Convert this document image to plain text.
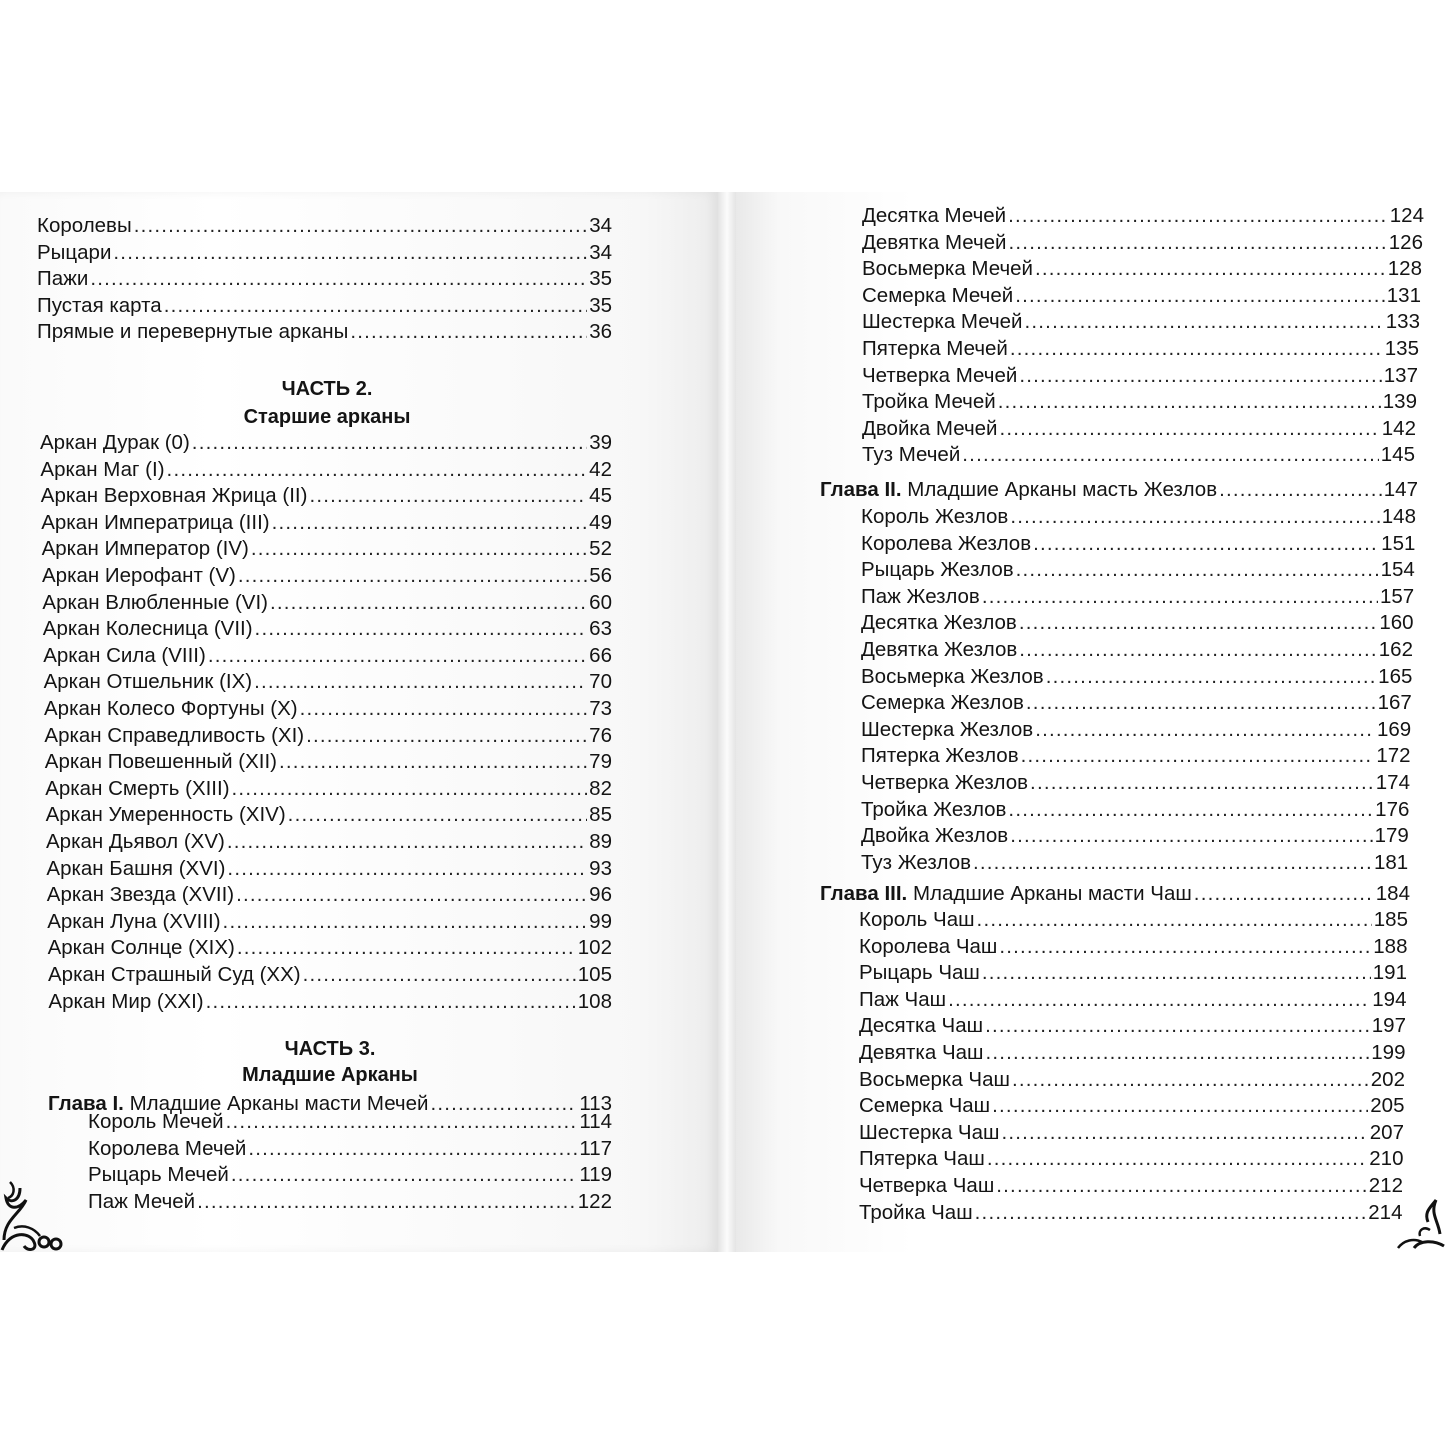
ЧАСТЬ 2.
Старшие арканы
ЧАСТЬ 3.
Младшие Арканы
Королевы .....	34
Рыцари .....	34
Пажи .....	35
Пустая карта .....	35
Прямые и перевернутые арканы .....	36
Аркан Дурак (0) .....	39
Аркан Маг (I) .....	42
Аркан Верховная Жрица (II) .....	45
Аркан Императрица (III) .....	49
Аркан Император (IV) .....	52
Аркан Иерофант (V) .....	56
Аркан Влюбленные (VI) .....	60
Аркан Колесница (VII) .....	63
Аркан Сила (VIII) .....	66
Аркан Отшельник (IX) .....	70
Аркан Колесо Фортуны (X) .....	73
Аркан Справедливость (XI) .....	76
Аркан Повешенный (XII) .....	79
Аркан Смерть (XIII) .....	82
Аркан Умеренность (XIV) .....	85
Аркан Дьявол (XV) .....	89
Аркан Башня (XVI) .....	93
Аркан Звезда (XVII) .....	96
Аркан Луна (XVIII) .....	99
Аркан Солнце (XIX) .....	102
Аркан Страшный Суд (XX) .....	105
Аркан Мир (XXI) .....	108
Глава I. Младшие Арканы масти Мечей .....	113
Король Мечей .....	114
Королева Мечей .....	117
Рыцарь Мечей .....	119
Паж Мечей .....	122
Десятка Мечей .....	124
Девятка Мечей .....	126
Восьмерка Мечей .....	128
Семерка Мечей .....	131
Шестерка Мечей .....	133
Пятерка Мечей .....	135
Четверка Мечей .....	137
Тройка Мечей .....	139
Двойка Мечей .....	142
Туз Мечей .....	145
Глава II. Младшие Арканы масть Жезлов .....	147
Король Жезлов .....	148
Королева Жезлов .....	151
Рыцарь Жезлов .....	154
Паж Жезлов .....	157
Десятка Жезлов .....	160
Девятка Жезлов .....	162
Восьмерка Жезлов .....	165
Семерка Жезлов .....	167
Шестерка Жезлов .....	169
Пятерка Жезлов .....	172
Четверка Жезлов .....	174
Тройка Жезлов .....	176
Двойка Жезлов .....	179
Туз Жезлов .....	181
Глава III. Младшие Арканы масти Чаш .....	184
Король Чаш .....	185
Королева Чаш .....	188
Рыцарь Чаш .....	191
Паж Чаш .....	194
Десятка Чаш .....	197
Девятка Чаш .....	199
Восьмерка Чаш .....	202
Семерка Чаш .....	205
Шестерка Чаш .....	207
Пятерка Чаш .....	210
Четверка Чаш .....	212
Тройка Чаш .....	214
